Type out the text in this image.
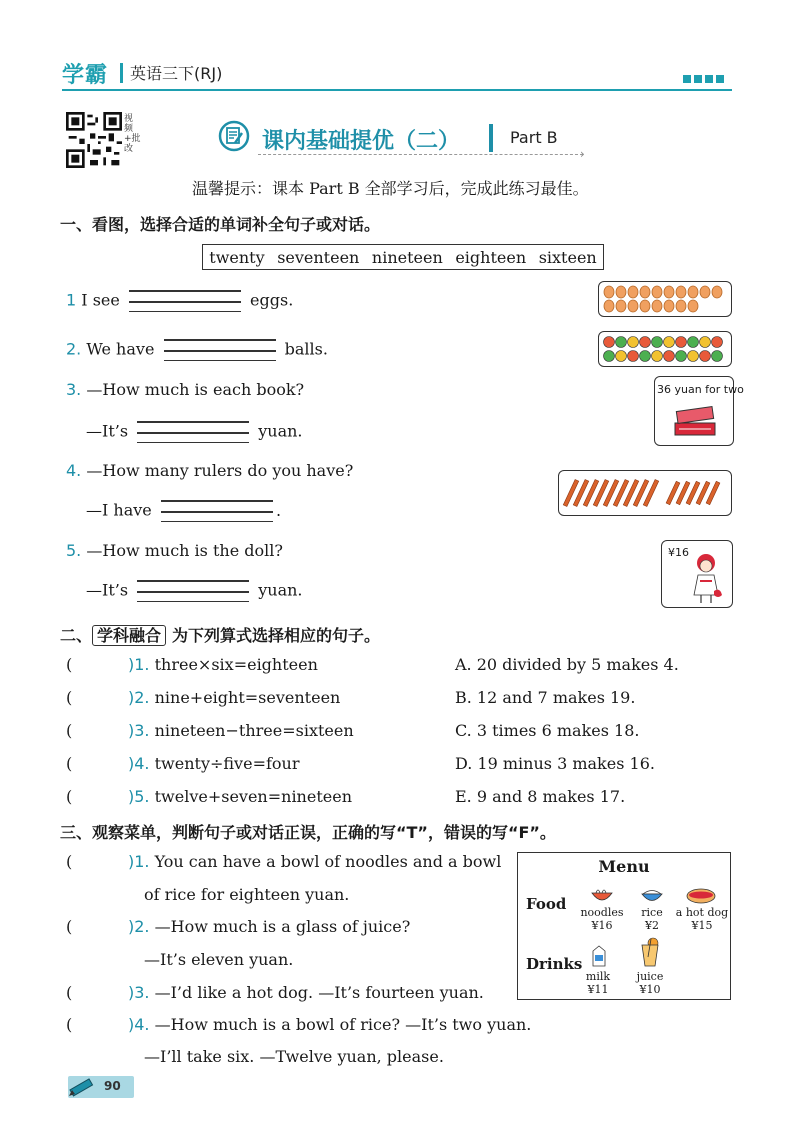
学霸 英语三下(RJ)
视频+批改	课内基础提优（二）	Part B
›
温馨提示：课本 Part B 全部学习后，完成此练习最佳。
一、看图，选择合适的单词补全句子或对话。
twenty seventeen nineteen eighteen sixteen
1 I see	eggs.
2. We have	balls.
3. —How much is each book?
—It’s	yuan.
36 yuan for two
4. —How many rulers do you have?
—I have	.
5. —How much is the doll?
—It’s	yuan.
¥16
二、 学科融合 为下列算式选择相应的句子。
(	)1. three×six=eighteen	A. 20 divided by 5 makes 4.
(	)2. nine+eight=seventeen	B. 12 and 7 makes 19.
(	)3. nineteen−three=sixteen	C. 3 times 6 makes 18.
(	)4. twenty÷five=four	D. 19 minus 3 makes 16.
(	)5. twelve+seven=nineteen	E. 9 and 8 makes 17.
三、观察菜单，判断句子或对话正误，正确的写“T”，错误的写“F”。
(	)1. You can have a bowl of noodles and a bowl
of rice for eighteen yuan.
(	)2. —How much is a glass of juice?
—It’s eleven yuan.
(	)3. —I’d like a hot dog. —It’s fourteen yuan.
(	)4. —How much is a bowl of rice? —It’s two yuan.
—I’ll take six. —Twelve yuan, please.
Menu
Food
Drinks
noodles
¥16
rice
¥2
a hot dog
¥15
milk
¥11
juice
¥10
90
